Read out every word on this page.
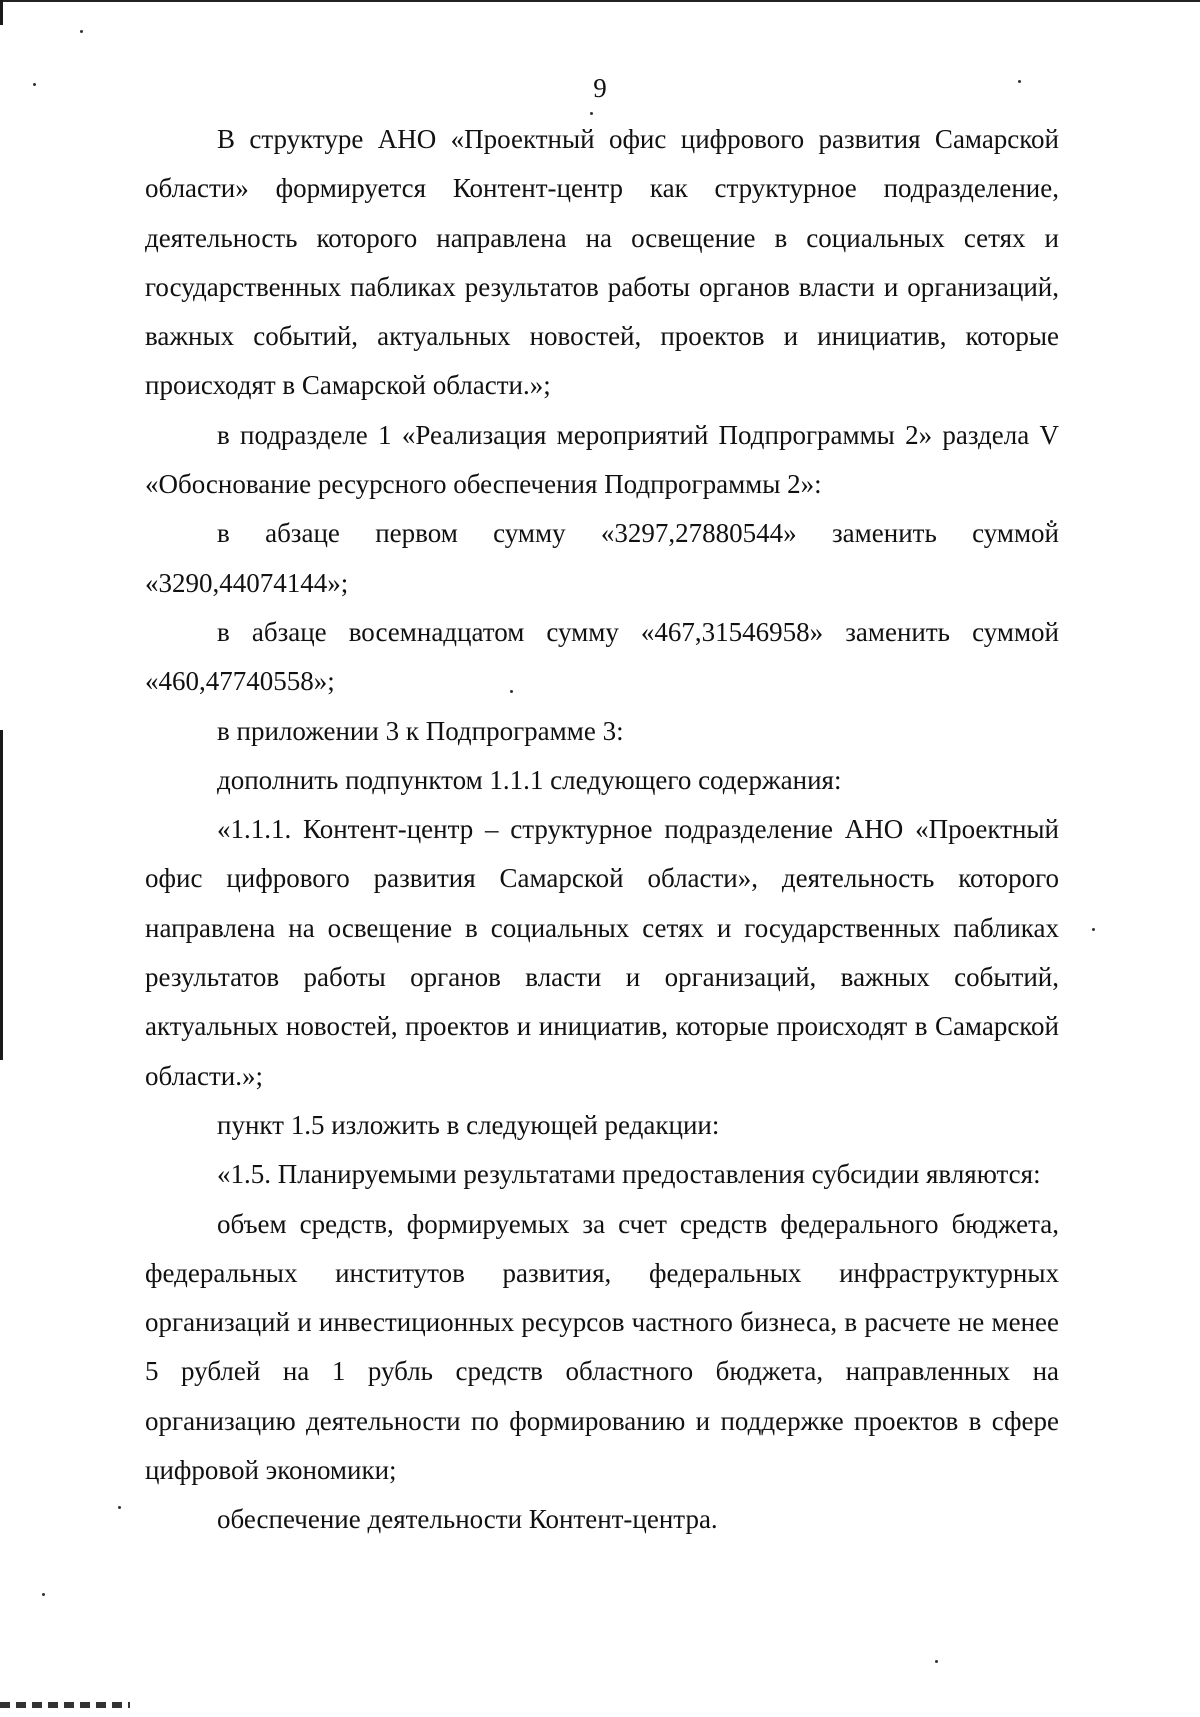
9

В структуре АНО «Проектный офис цифрового развития Самарской области» формируется Контент-центр как структурное подразделение, деятельность которого направлена на освещение в социальных сетях и государственных пабликах результатов работы органов власти и организаций, важных событий, актуальных новостей, проектов и инициатив, которые происходят в Самарской области.»;

в подразделе 1 «Реализация мероприятий Подпрограммы 2» раздела V «Обоснование ресурсного обеспечения Подпрограммы 2»:

в абзаце первом сумму «3297,27880544» заменить суммой «3290,44074144»;

в абзаце восемнадцатом сумму «467,31546958» заменить суммой «460,47740558»;

в приложении 3 к Подпрограмме 3:

дополнить подпунктом 1.1.1 следующего содержания:

«1.1.1. Контент-центр – структурное подразделение АНО «Проектный офис цифрового развития Самарской области», деятельность которого направлена на освещение в социальных сетях и государственных пабликах результатов работы органов власти и организаций, важных событий, актуальных новостей, проектов и инициатив, которые происходят в Самарской области.»;

пункт 1.5 изложить в следующей редакции:

«1.5. Планируемыми результатами предоставления субсидии являются:

объем средств, формируемых за счет средств федерального бюджета, федеральных институтов развития, федеральных инфраструктурных организаций и инвестиционных ресурсов частного бизнеса, в расчете не менее 5 рублей на 1 рубль средств областного бюджета, направленных на организацию деятельности по формированию и поддержке проектов в сфере цифровой экономики;

обеспечение деятельности Контент-центра.
